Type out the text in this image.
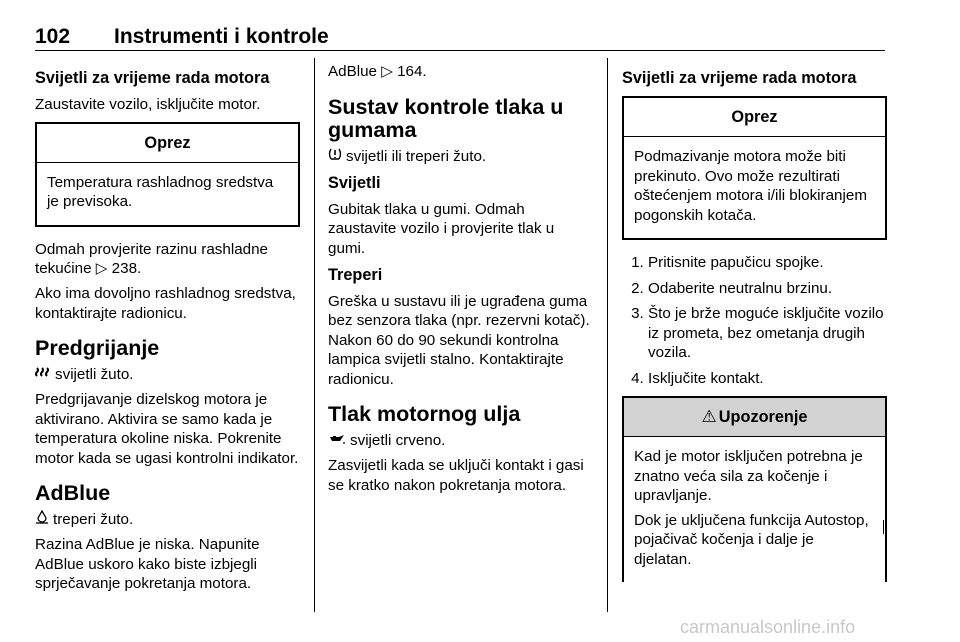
102 Instrumenti i kontrole
Svijetli za vrijeme rada motora

Zaustavite vozilo, isključite motor.

Oprez

Temperatura rashladnog sredstva je previsoka.

Odmah provjerite razinu rashladne tekućine ▷ 238.

Ako ima dovoljno rashladnog sredstva, kontaktirajte radionicu.

Predgrijanje

svijetli žuto.

Predgrijavanje dizelskog motora je aktivirano. Aktivira se samo kada je temperatura okoline niska. Pokrenite motor kada se ugasi kontrolni indikator.

AdBlue

treperi žuto.

Razina AdBlue je niska. Napunite AdBlue uskoro kako biste izbjegli sprječavanje pokretanja motora.

AdBlue ▷ 164.

Sustav kontrole tlaka u gumama

svijetli ili treperi žuto.

Svijetli

Gubitak tlaka u gumi. Odmah zaustavite vozilo i provjerite tlak u gumi.

Treperi

Greška u sustavu ili je ugrađena guma bez senzora tlaka (npr. rezervni kotač). Nakon 60 do 90 sekundi kontrolna lampica svijetli stalno. Kontaktirajte radionicu.

Tlak motornog ulja

svijetli crveno.

Zasvijetli kada se uključi kontakt i gasi se kratko nakon pokretanja motora.

Svijetli za vrijeme rada motora
Oprez

Podmazivanje motora može biti prekinuto. Ovo može rezultirati oštećenjem motora i/ili blokiranjem pogonskih kotača.

1. Pritisnite papučicu spojke.
2. Odaberite neutralnu brzinu.
3. Što je brže moguće isključite vozilo iz prometa, bez ometanja drugih vozila.
4. Isključite kontakt.
⚠ Upozorenje

Kad je motor isključen potrebna je znatno veća sila za kočenje i upravljanje.

Dok je uključena funkcija Autostop, pojačivač kočenja i dalje je djelatan.

carmanualsonline.info
